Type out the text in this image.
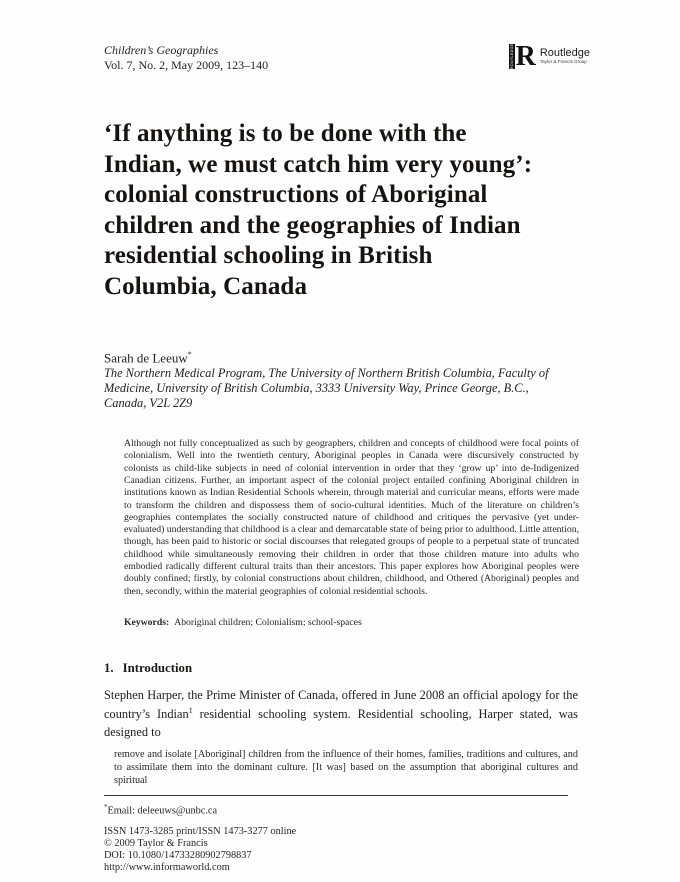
Children’s Geographies
Vol. 7, No. 2, May 2009, 123–140	ROUTLEDGE R Routledge
Taylor & Francis Group
‘If anything is to be done with the
Indian, we must catch him very young’:
colonial constructions of Aboriginal
children and the geographies of Indian
residential schooling in British
Columbia, Canada
Sarah de Leeuw*
The Northern Medical Program, The University of Northern British Columbia, Faculty of
Medicine, University of British Columbia, 3333 University Way, Prince George, B.C.,
Canada, V2L 2Z9
Although not fully conceptualized as such by geographers, children and concepts of childhood were focal points of colonialism. Well into the twentieth century, Aboriginal peoples in Canada were discursively constructed by colonists as child-like subjects in need of colonial intervention in order that they ‘grow up’ into de-Indigenized Canadian citizens. Further, an important aspect of the colonial project entailed confining Aboriginal children in institutions known as Indian Residential Schools wherein, through material and curricular means, efforts were made to transform the children and dispossess them of socio-cultural identities. Much of the literature on children’s geographies contemplates the socially constructed nature of childhood and critiques the pervasive (yet under-evaluated) understanding that childhood is a clear and demarcatable state of being prior to adulthood. Little attention, though, has been paid to historic or social discourses that relegated groups of people to a perpetual state of truncated childhood while simultaneously removing their children in order that those children mature into adults who embodied radically different cultural traits than their ancestors. This paper explores how Aboriginal peoples were doubly confined; firstly, by colonial constructions about children, childhood, and Othered (Aboriginal) peoples and then, secondly, within the material geographies of colonial residential schools.
Keywords: Aboriginal children; Colonialism; school-spaces
1. Introduction

Stephen Harper, the Prime Minister of Canada, offered in June 2008 an official apology for the country’s Indian$^1$ residential schooling system. Residential schooling, Harper stated, was designed to

remove and isolate [Aboriginal] children from the influence of their homes, families, traditions and cultures, and to assimilate them into the dominant culture. [It was] based on the assumption that aboriginal cultures and spiritual
*Email: deleeuws@unbc.ca
ISSN 1473-3285 print/ISSN 1473-3277 online
© 2009 Taylor & Francis
DOI: 10.1080/14733280902798837
http://www.informaworld.com
